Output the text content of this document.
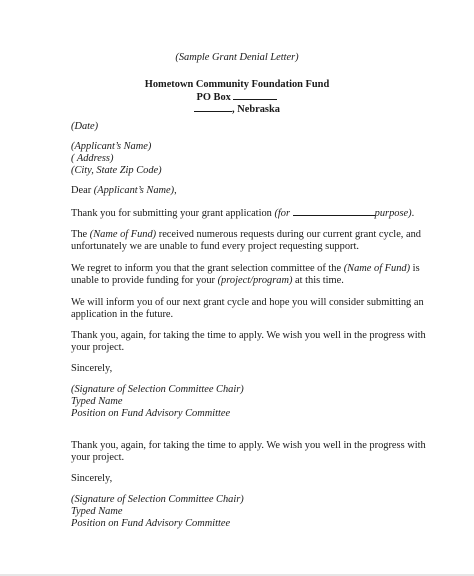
(Sample Grant Denial Letter)
Hometown Community Foundation Fund
PO Box
, Nebraska
(Date)
(Applicant’s Name)
( Address)
(City, State Zip Code)
Dear (Applicant’s Name),
Thank you for submitting your grant application (for	purpose).
The (Name of Fund) received numerous requests during our current grant cycle, and
unfortunately we are unable to fund every project requesting support.
We regret to inform you that the grant selection committee of the (Name of Fund) is
unable to provide funding for your (project/program) at this time.
We will inform you of our next grant cycle and hope you will consider submitting an
application in the future.
Thank you, again, for taking the time to apply. We wish you well in the progress with
your project.
Sincerely,
(Signature of Selection Committee Chair)
Typed Name
Position on Fund Advisory Committee
Thank you, again, for taking the time to apply. We wish you well in the progress with
your project.
Sincerely,
(Signature of Selection Committee Chair)
Typed Name
Position on Fund Advisory Committee
